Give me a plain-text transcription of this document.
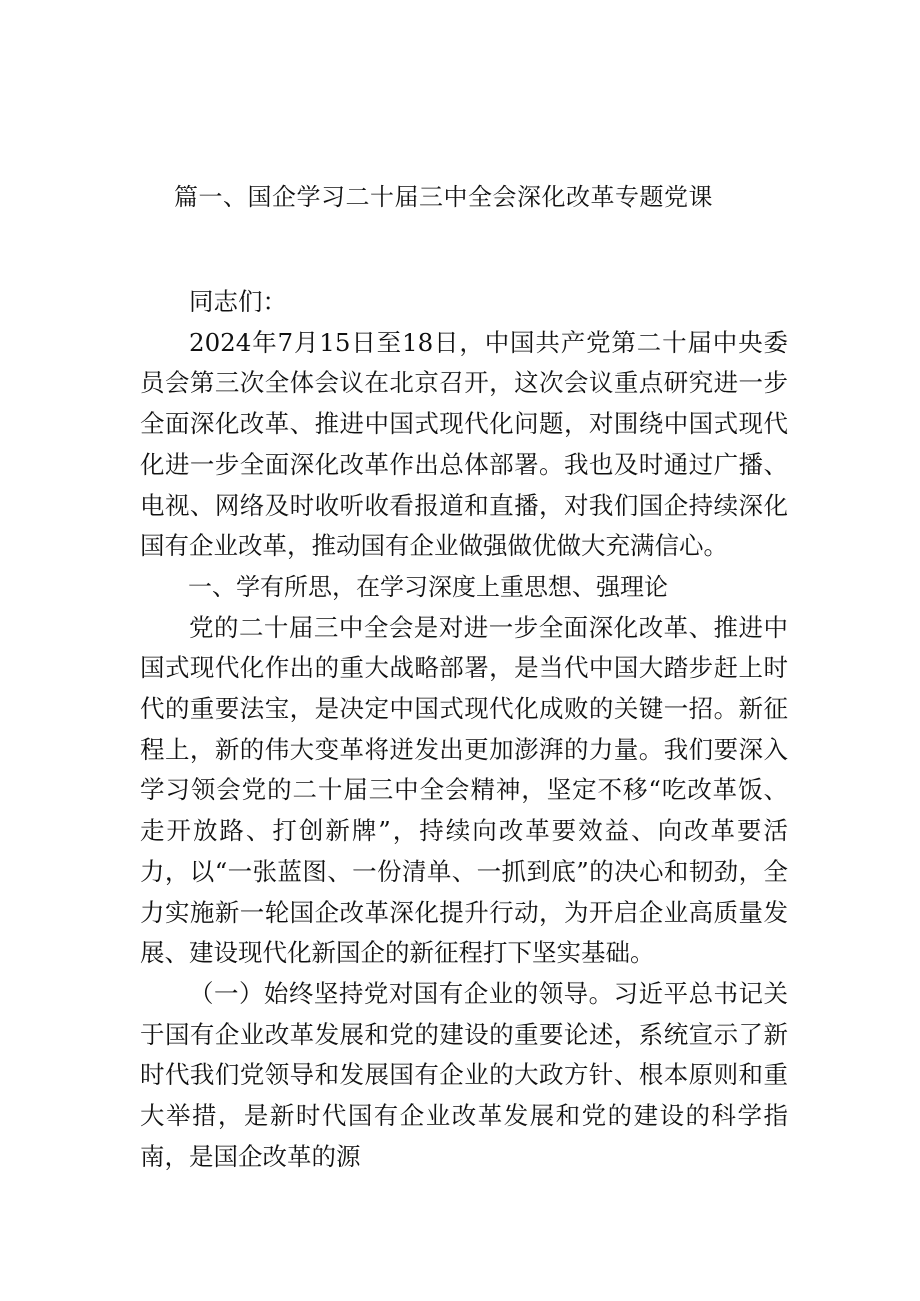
篇一、国企学习二十届三中全会深化改革专题党课

同志们：

2024年7月15日至18日，中国共产党第二十届中央委员会第三次全体会议在北京召开，这次会议重点研究进一步全面深化改革、推进中国式现代化问题，对围绕中国式现代化进一步全面深化改革作出总体部署。我也及时通过广播、电视、网络及时收听收看报道和直播，对我们国企持续深化国有企业改革，推动国有企业做强做优做大充满信心。

一、学有所思，在学习深度上重思想、强理论

党的二十届三中全会是对进一步全面深化改革、推进中国式现代化作出的重大战略部署，是当代中国大踏步赶上时代的重要法宝，是决定中国式现代化成败的关键一招。新征程上，新的伟大变革将迸发出更加澎湃的力量。我们要深入学习领会党的二十届三中全会精神，坚定不移“吃改革饭、走开放路、打创新牌”，持续向改革要效益、向改革要活力，以“一张蓝图、一份清单、一抓到底”的决心和韧劲，全力实施新一轮国企改革深化提升行动，为开启企业高质量发展、建设现代化新国企的新征程打下坚实基础。

（一）始终坚持党对国有企业的领导。习近平总书记关于国有企业改革发展和党的建设的重要论述，系统宣示了新时代我们党领导和发展国有企业的大政方针、根本原则和重大举措，是新时代国有企业改革发展和党的建设的科学指南，是国企改革的源
